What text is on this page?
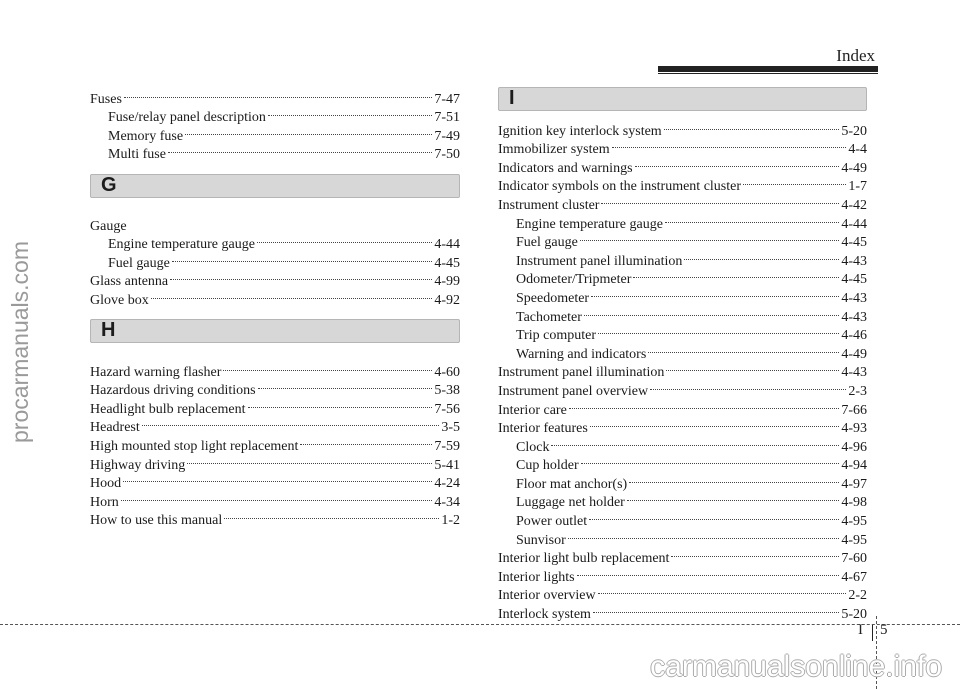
Index
procarmanuals.com
Fuses	7-47
Fuse/relay panel description	7-51
Memory fuse	7-49
Multi fuse	7-50
G
Gauge
Engine temperature gauge	4-44
Fuel gauge	4-45
Glass antenna	4-99
Glove box	4-92
H
Hazard warning flasher	4-60
Hazardous driving conditions	5-38
Headlight bulb replacement	7-56
Headrest	3-5
High mounted stop light replacement	7-59
Highway driving	5-41
Hood	4-24
Horn	4-34
How to use this manual	1-2
I
Ignition key interlock system	5-20
Immobilizer system	4-4
Indicators and warnings	4-49
Indicator symbols on the instrument cluster	1-7
Instrument cluster	4-42
Engine temperature gauge	4-44
Fuel gauge	4-45
Instrument panel illumination	4-43
Odometer/Tripmeter	4-45
Speedometer	4-43
Tachometer	4-43
Trip computer	4-46
Warning and indicators	4-49
Instrument panel illumination	4-43
Instrument panel overview	2-3
Interior care	7-66
Interior features	4-93
Clock	4-96
Cup holder	4-94
Floor mat anchor(s)	4-97
Luggage net holder	4-98
Power outlet	4-95
Sunvisor	4-95
Interior light bulb replacement	7-60
Interior lights	4-67
Interior overview	2-2
Interlock system	5-20
I 5
carmanualsonline.info
